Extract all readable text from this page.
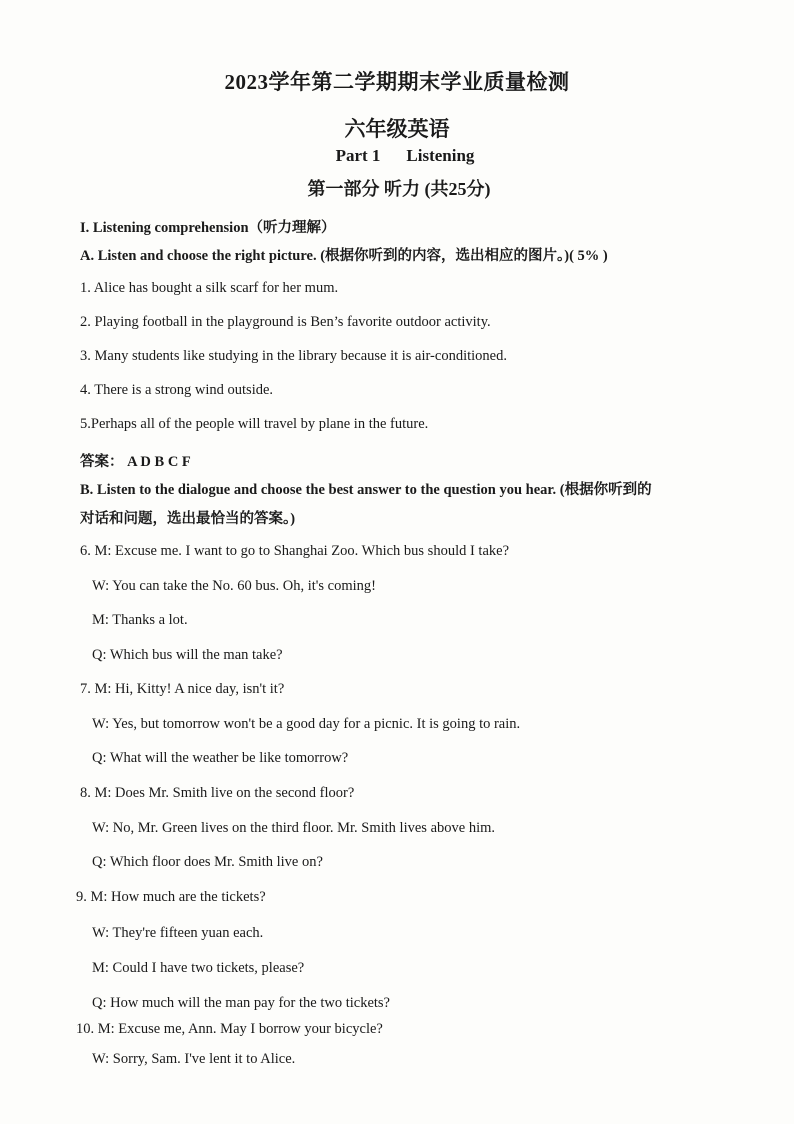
2023学年第二学期期末学业质量检测
六年级英语
Part 1 Listening
第一部分 听力 (共25分)
I. Listening comprehension（听力理解）
A. Listen and choose the right picture. (根据你听到的内容，选出相应的图片。)( 5% )
1. Alice has bought a silk scarf for her mum.
2. Playing football in the playground is Ben’s favorite outdoor activity.
3. Many students like studying in the library because it is air-conditioned.
4. There is a strong wind outside.
5.Perhaps all of the people will travel by plane in the future.
答案： A D B C F
B. Listen to the dialogue and choose the best answer to the question you hear. (根据你听到的
对话和问题，选出最恰当的答案。)
6. M: Excuse me. I want to go to Shanghai Zoo. Which bus should I take?
W: You can take the No. 60 bus. Oh, it's coming!
M: Thanks a lot.
Q: Which bus will the man take?
7. M: Hi, Kitty! A nice day, isn't it?
W: Yes, but tomorrow won't be a good day for a picnic. It is going to rain.
Q: What will the weather be like tomorrow?
8. M: Does Mr. Smith live on the second floor?
W: No, Mr. Green lives on the third floor. Mr. Smith lives above him.
Q: Which floor does Mr. Smith live on?
9. M: How much are the tickets?
W: They're fifteen yuan each.
M: Could I have two tickets, please?
Q: How much will the man pay for the two tickets?
10. M: Excuse me, Ann. May I borrow your bicycle?
W: Sorry, Sam. I've lent it to Alice.
